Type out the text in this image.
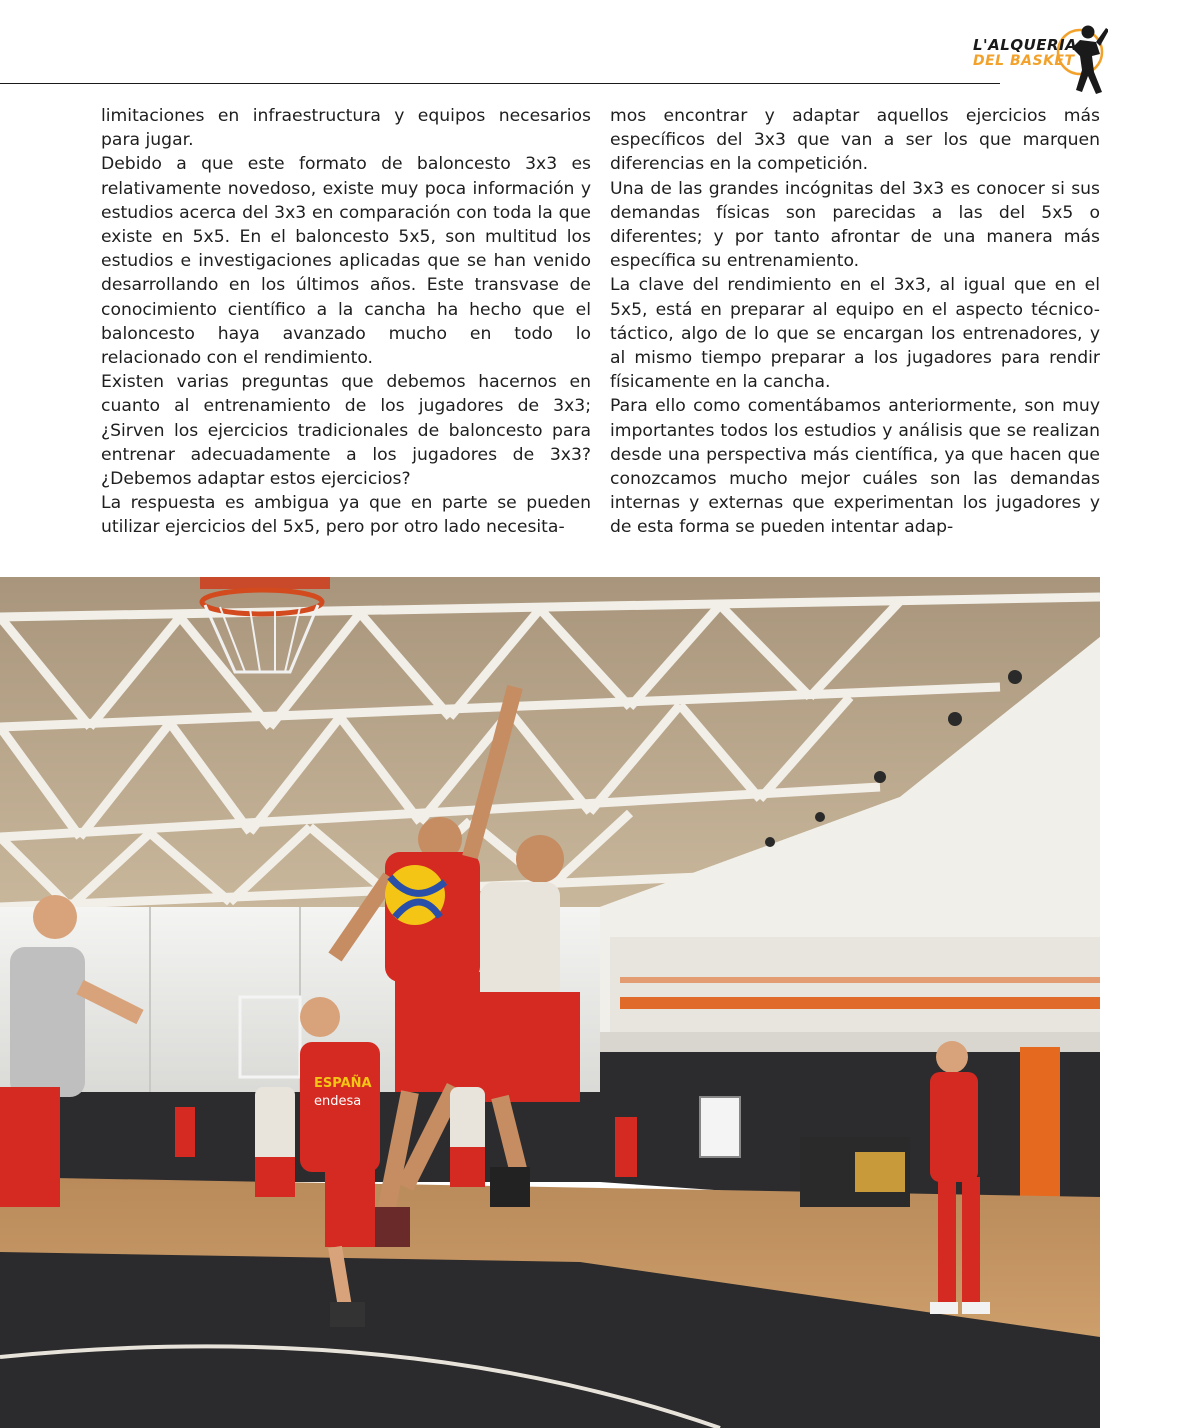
L'ALQUERIA
DEL BASKET

limitaciones en infraestructura y equipos necesarios para jugar.

Debido a que este formato de baloncesto 3x3 es relativamente novedoso, existe muy poca información y estudios acerca del 3x3 en comparación con toda la que existe en 5x5. En el baloncesto 5x5, son multitud los estudios e investigaciones aplicadas que se han venido desarrollando en los últimos años. Este transvase de conocimiento científico a la cancha ha hecho que el baloncesto haya avanzado mucho en todo lo relacionado con el rendimiento.

Existen varias preguntas que debemos hacernos en cuanto al entrenamiento de los jugadores de 3x3; ¿Sirven los ejercicios tradicionales de baloncesto para entrenar adecuadamente a los jugadores de 3x3? ¿Debemos adaptar estos ejercicios?

La respuesta es ambigua ya que en parte se pueden utilizar ejercicios del 5x5, pero por otro lado necesita-

mos encontrar y adaptar aquellos ejercicios más específicos del 3x3 que van a ser los que marquen diferencias en la competición.

Una de las grandes incógnitas del 3x3 es conocer si sus demandas físicas son parecidas a las del 5x5 o diferentes; y por tanto afrontar de una manera más específica su entrenamiento.

La clave del rendimiento en el 3x3, al igual que en el 5x5, está en preparar al equipo en el aspecto técnico-táctico, algo de lo que se encargan los entrenadores, y al mismo tiempo preparar a los jugadores para rendir físicamente en la cancha.

Para ello como comentábamos anteriormente, son muy importantes todos los estudios y análisis que se realizan desde una perspectiva más científica, ya que hacen que conozcamos mucho mejor cuáles son las demandas internas y externas que experimentan los jugadores y de esta forma se pueden intentar adap-

ESPAÑA
endesa
